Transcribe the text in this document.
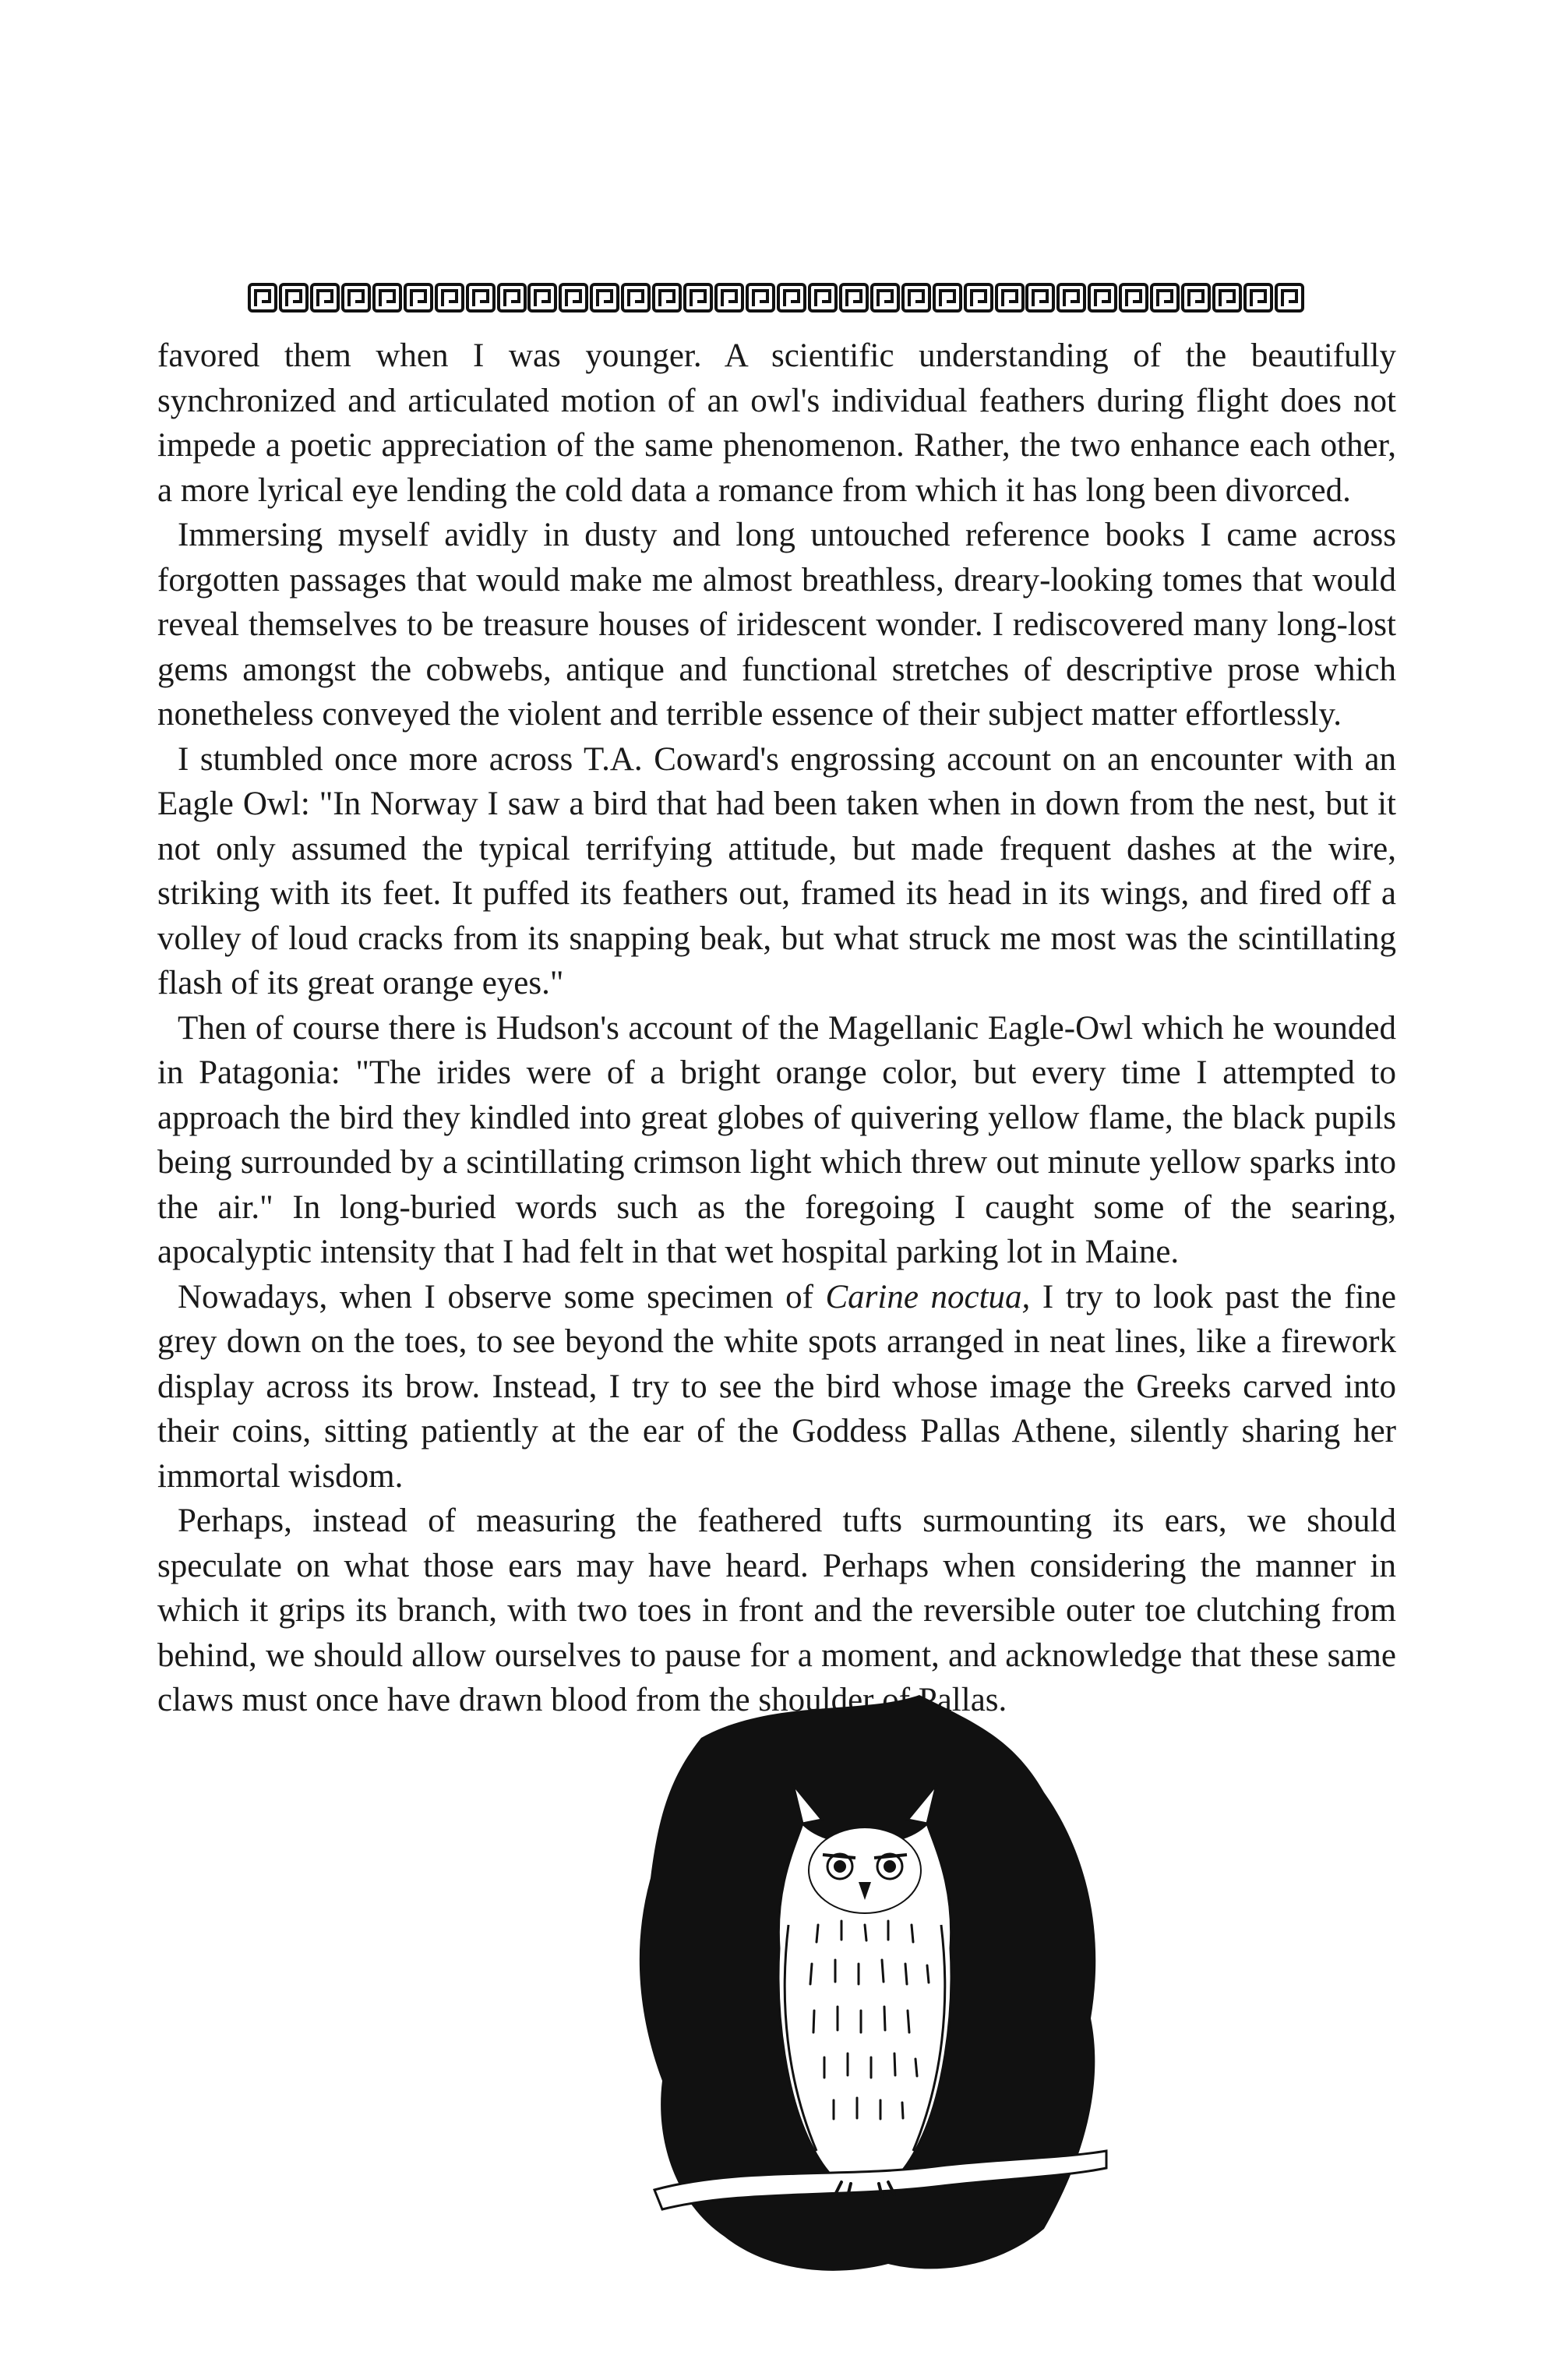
favored them when I was younger. A scientific understanding of the beautifully synchronized and articulated motion of an owl's individual feathers during flight does not impede a poetic appreciation of the same phenomenon. Rather, the two enhance each other, a more lyrical eye lending the cold data a romance from which it has long been divorced.

Immersing myself avidly in dusty and long untouched reference books I came across forgotten passages that would make me almost breathless, dreary-looking tomes that would reveal themselves to be treasure houses of iridescent wonder. I rediscovered many long-lost gems amongst the cobwebs, antique and functional stretches of descriptive prose which nonetheless conveyed the violent and terrible essence of their subject matter effortlessly.

I stumbled once more across T.A. Coward's engrossing account on an encounter with an Eagle Owl: "In Norway I saw a bird that had been taken when in down from the nest, but it not only assumed the typical terrifying attitude, but made frequent dashes at the wire, striking with its feet. It puffed its feathers out, framed its head in its wings, and fired off a volley of loud cracks from its snapping beak, but what struck me most was the scintillating flash of its great orange eyes."

Then of course there is Hudson's account of the Magellanic Eagle-Owl which he wounded in Patagonia: "The irides were of a bright orange color, but every time I attempted to approach the bird they kindled into great globes of quivering yellow flame, the black pupils being surrounded by a scintillating crimson light which threw out minute yellow sparks into the air." In long-buried words such as the foregoing I caught some of the searing, apocalyptic intensity that I had felt in that wet hospital parking lot in Maine.

Nowadays, when I observe some specimen of Carine noctua, I try to look past the fine grey down on the toes, to see beyond the white spots arranged in neat lines, like a firework display across its brow. Instead, I try to see the bird whose image the Greeks carved into their coins, sitting patiently at the ear of the Goddess Pallas Athene, silently sharing her immortal wisdom.

Perhaps, instead of measuring the feathered tufts surmounting its ears, we should speculate on what those ears may have heard. Perhaps when considering the manner in which it grips its branch, with two toes in front and the reversible outer toe clutching from behind, we should allow ourselves to pause for a moment, and acknowledge that these same claws must once have drawn blood from the shoulder of Pallas.
